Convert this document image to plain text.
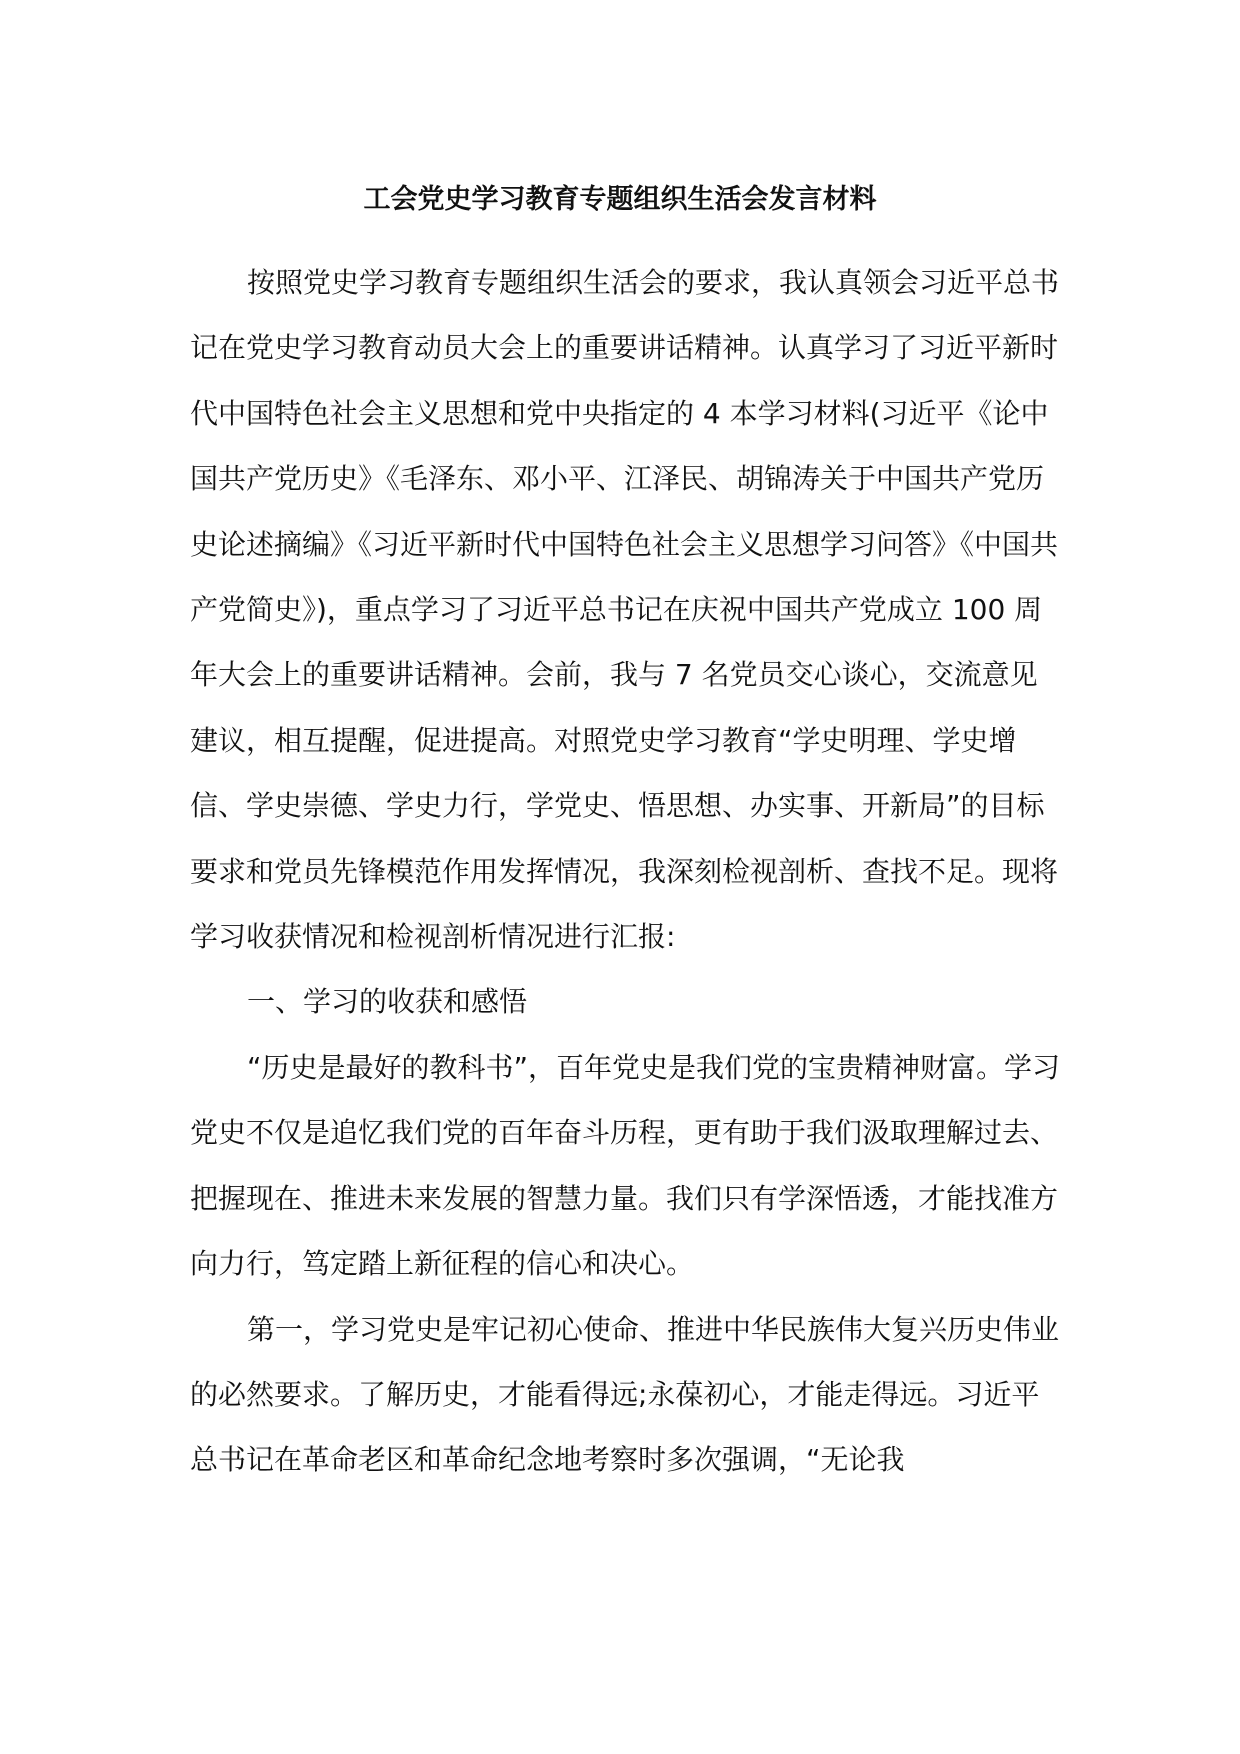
工会党史学习教育专题组织生活会发言材料

按照党史学习教育专题组织生活会的要求，我认真领会习近平总书记在党史学习教育动员大会上的重要讲话精神。认真学习了习近平新时代中国特色社会主义思想和党中央指定的 4 本学习材料(习近平《论中国共产党历史》《毛泽东、邓小平、江泽民、胡锦涛关于中国共产党历史论述摘编》《习近平新时代中国特色社会主义思想学习问答》《中国共产党简史》)，重点学习了习近平总书记在庆祝中国共产党成立 100 周年大会上的重要讲话精神。会前，我与 7 名党员交心谈心，交流意见建议，相互提醒，促进提高。对照党史学习教育“学史明理、学史增信、学史崇德、学史力行，学党史、悟思想、办实事、开新局”的目标要求和党员先锋模范作用发挥情况，我深刻检视剖析、查找不足。现将学习收获情况和检视剖析情况进行汇报:

一、学习的收获和感悟

“历史是最好的教科书”，百年党史是我们党的宝贵精神财富。学习党史不仅是追忆我们党的百年奋斗历程，更有助于我们汲取理解过去、把握现在、推进未来发展的智慧力量。我们只有学深悟透，才能找准方向力行，笃定踏上新征程的信心和决心。

第一，学习党史是牢记初心使命、推进中华民族伟大复兴历史伟业的必然要求。了解历史，才能看得远;永葆初心，才能走得远。习近平总书记在革命老区和革命纪念地考察时多次强调，“无论我
